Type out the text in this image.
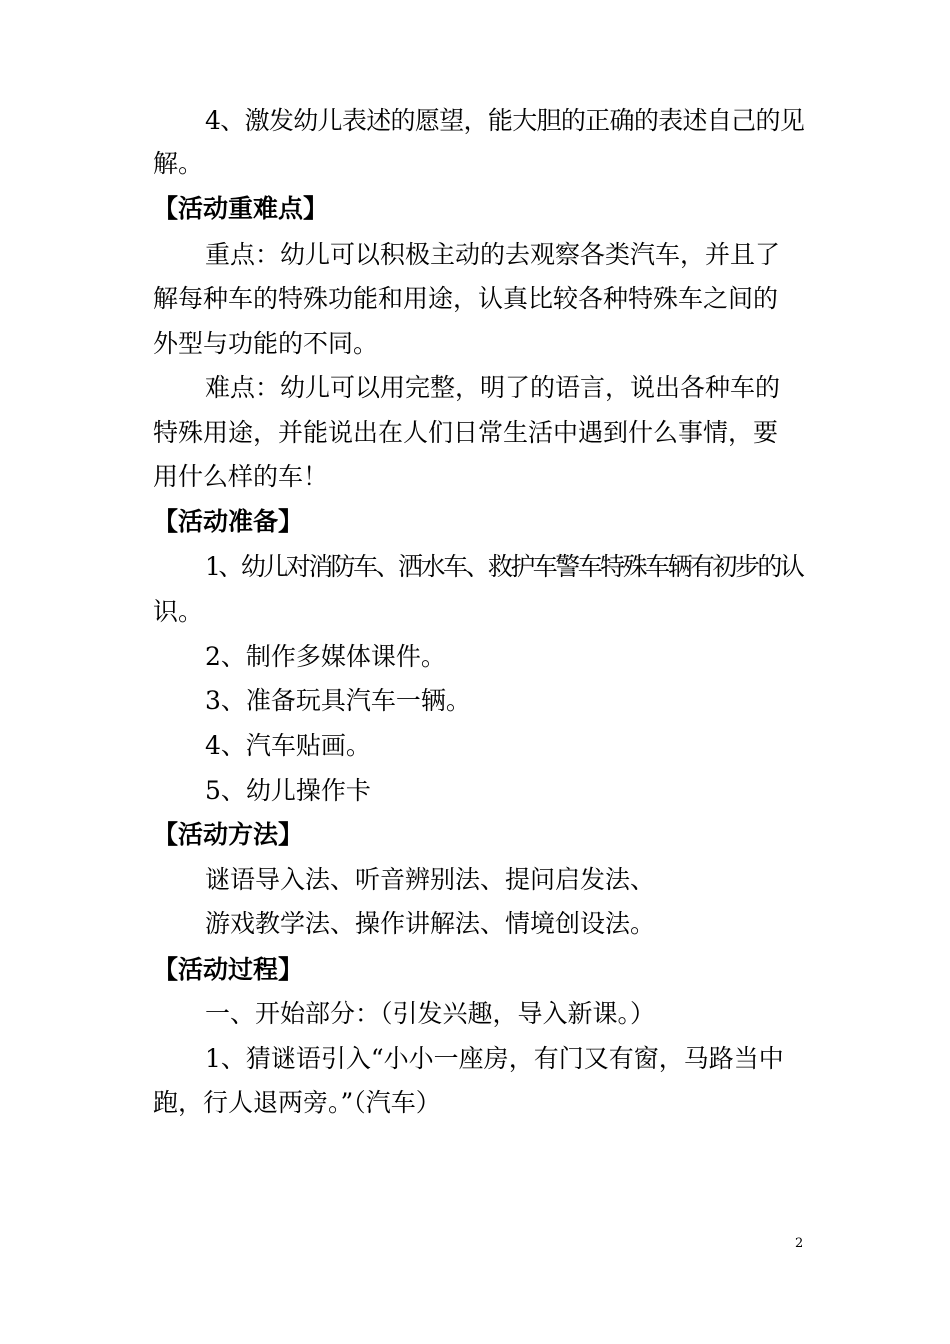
4、激发幼儿表述的愿望，能大胆的正确的表述自己的见
解。
【活动重难点】
重点：幼儿可以积极主动的去观察各类汽车，并且了
解每种车的特殊功能和用途，认真比较各种特殊车之间的
外型与功能的不同。
难点：幼儿可以用完整，明了的语言，说出各种车的
特殊用途，并能说出在人们日常生活中遇到什么事情，要
用什么样的车！
【活动准备】
1、幼儿对消防车、洒水车、救护车警车特殊车辆有初步的认
识。
2、制作多媒体课件。
3、准备玩具汽车一辆。
4、汽车贴画。
5、幼儿操作卡
【活动方法】
谜语导入法、听音辨别法、提问启发法、
游戏教学法、操作讲解法、情境创设法。
【活动过程】
一、开始部分：（引发兴趣，导入新课。）
1、猜谜语引入“小小一座房，有门又有窗，马路当中
跑，行人退两旁。”（汽车）
2
